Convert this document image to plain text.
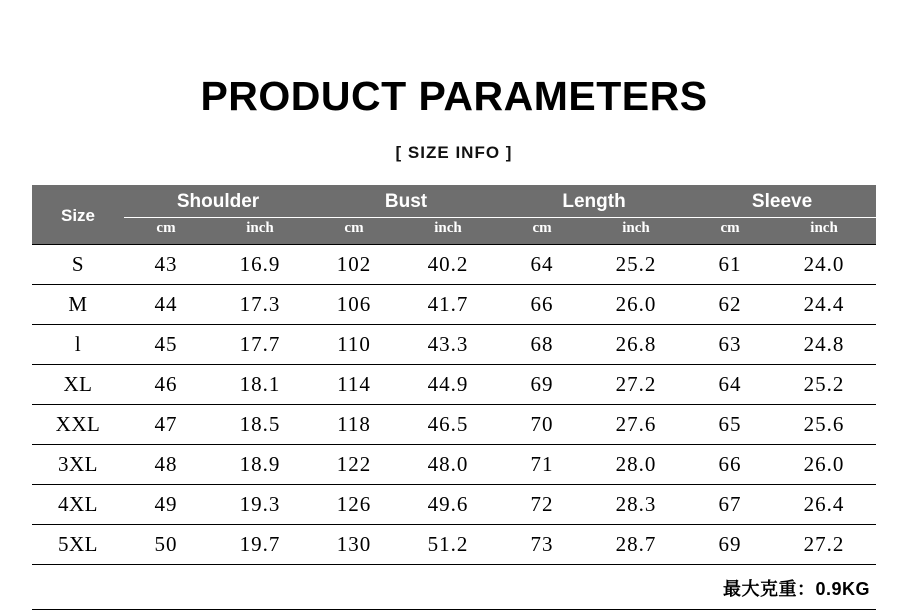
PRODUCT PARAMETERS
[ SIZE INFO ]
Size	Shoulder		Bust		Length		Sleeve	
	cm	inch	cm	inch	cm	inch	cm	inch
S	43	16.9	102	40.2	64	25.2	61	24.0
M	44	17.3	106	41.7	66	26.0	62	24.4
l	45	17.7	110	43.3	68	26.8	63	24.8
XL	46	18.1	114	44.9	69	27.2	64	25.2
XXL	47	18.5	118	46.5	70	27.6	65	25.6
3XL	48	18.9	122	48.0	71	28.0	66	26.0
4XL	49	19.3	126	49.6	72	28.3	67	26.4
5XL	50	19.7	130	51.2	73	28.7	69	27.2
最大克重：0.9KG								
